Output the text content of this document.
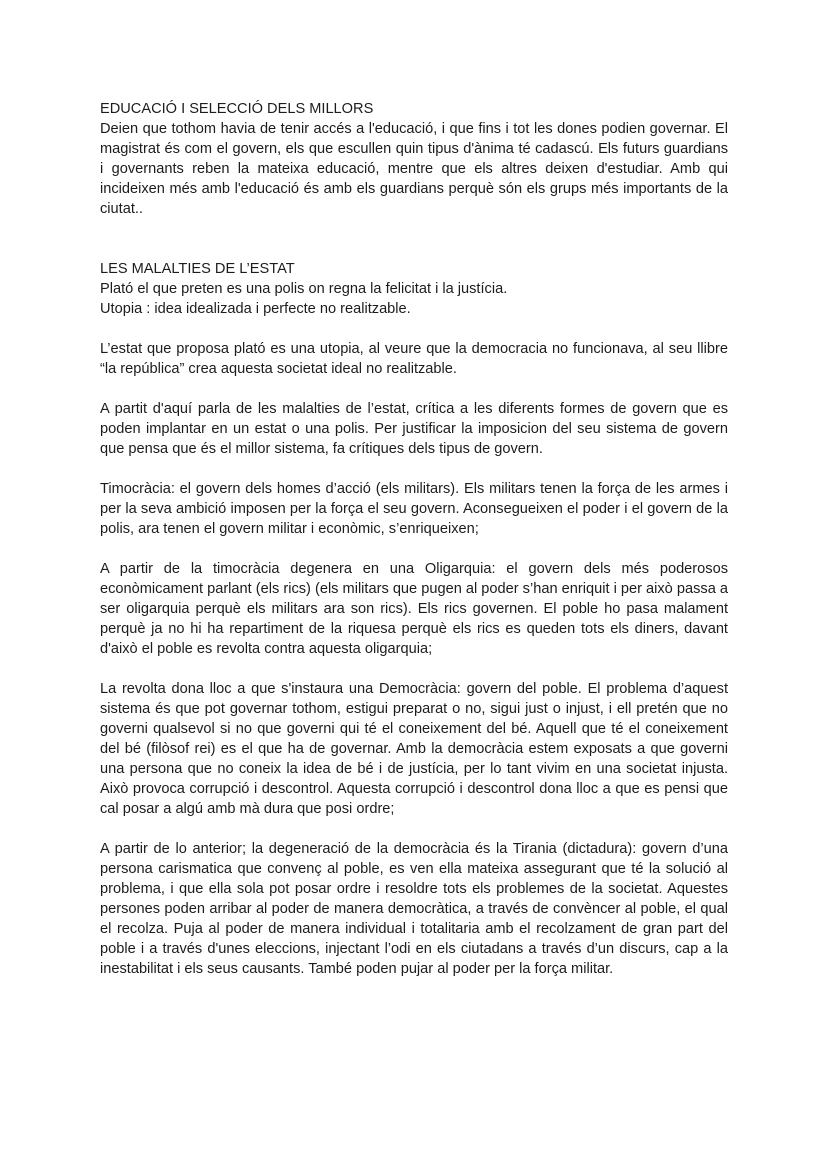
EDUCACIÓ I SELECCIÓ DELS MILLORS

Deien que tothom havia de tenir accés a l'educació, i que fins i tot les dones podien governar. El magistrat és com el govern, els que escullen quin tipus d'ànima té cadascú. Els futurs guardians i governants reben la mateixa educació, mentre que els altres deixen d'estudiar. Amb qui incideixen més amb l'educació és amb els guardians perquè són els grups més importants de la ciutat..

LES MALALTIES DE L’ESTAT

Plató el que preten es una polis on regna la felicitat i la justícia.

Utopia : idea idealizada i perfecte no realitzable.

L’estat que proposa plató es una utopia, al veure que la democracia no funcionava, al seu llibre “la república” crea aquesta societat ideal no realitzable.

A partit d'aquí parla de les malalties de l’estat, crítica a les diferents formes de govern que es poden implantar en un estat o una polis. Per justificar la imposicion del seu sistema de govern que pensa que és el millor sistema, fa crítiques dels tipus de govern.

Timocràcia: el govern dels homes d’acció (els militars). Els militars tenen la força de les armes i per la seva ambició imposen per la força el seu govern. Aconsegueixen el poder i el govern de la polis, ara tenen el govern militar i econòmic, s’enriqueixen;

A partir de la timocràcia degenera en una Oligarquia: el govern dels més poderosos econòmicament parlant (els rics) (els militars que pugen al poder s’han enriquit i per això passa a ser oligarquia perquè els militars ara son rics). Els rics governen. El poble ho pasa malament perquè ja no hi ha repartiment de la riquesa perquè els rics es queden tots els diners, davant d'això el poble es revolta contra aquesta oligarquia;

La revolta dona lloc a que s'instaura una Democràcia: govern del poble. El problema d’aquest sistema és que pot governar tothom, estigui preparat o no, sigui just o injust, i ell pretén que no governi qualsevol si no que governi qui té el coneixement del bé. Aquell que té el coneixement del bé (filòsof rei) es el que ha de governar. Amb la democràcia estem exposats a que governi una persona que no coneix la idea de bé i de justícia, per lo tant vivim en una societat injusta. Això provoca corrupció i descontrol. Aquesta corrupció i descontrol dona lloc a que es pensi que cal posar a algú amb mà dura que posi ordre;

A partir de lo anterior; la degeneració de la democràcia és la Tirania (dictadura): govern d’una persona carismatica que convenç al poble, es ven ella mateixa assegurant que té la solució al problema, i que ella sola pot posar ordre i resoldre tots els problemes de la societat. Aquestes persones poden arribar al poder de manera democràtica, a través de convèncer al poble, el qual el recolza. Puja al poder de manera individual i totalitaria amb el recolzament de gran part del poble i a través d'unes eleccions, injectant l’odi en els ciutadans a través d’un discurs, cap a la inestabilitat i els seus causants. També poden pujar al poder per la força militar.
